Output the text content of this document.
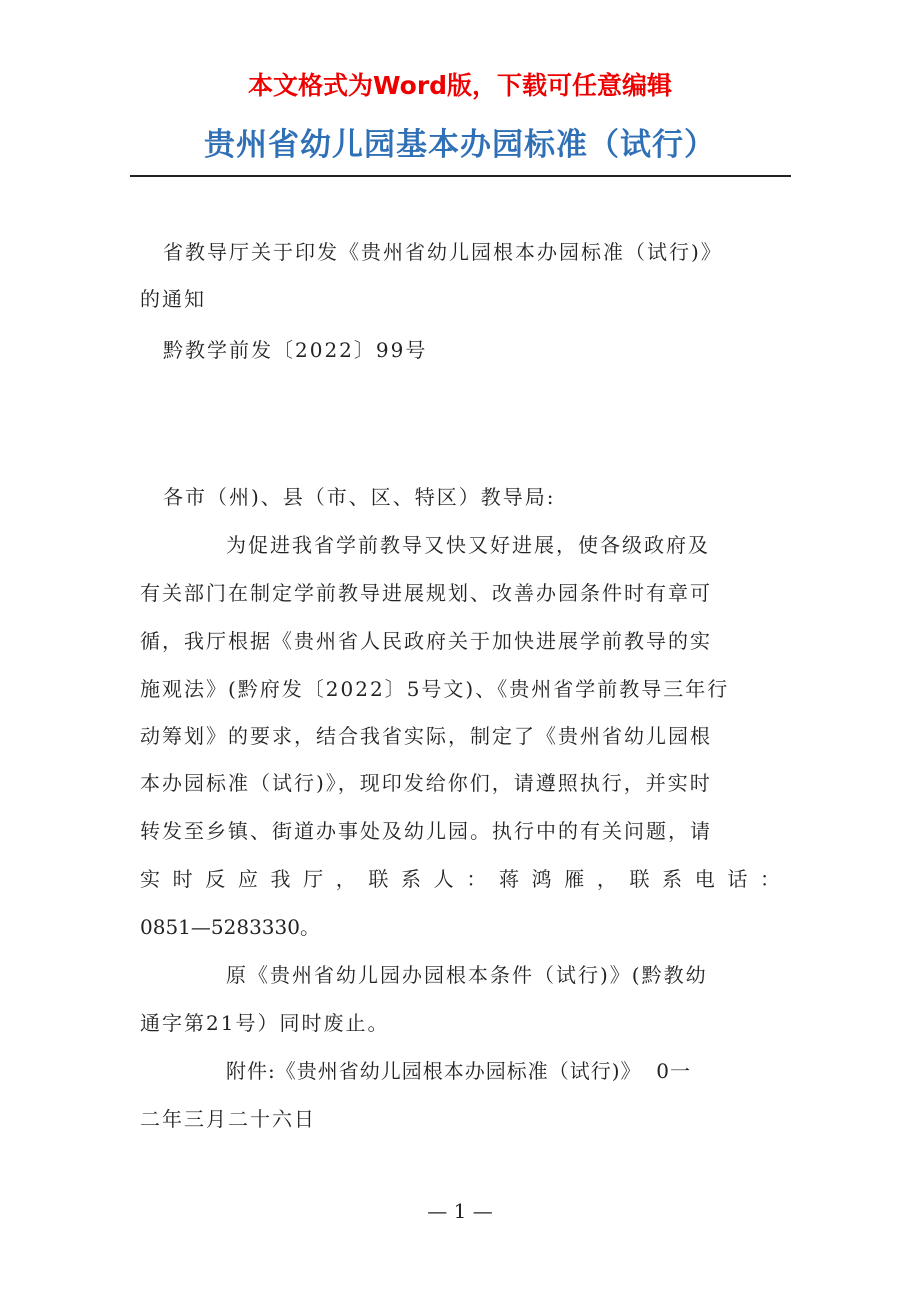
本文格式为Word版，下载可任意编辑
贵州省幼儿园基本办园标准（试行）
省教导厅关于印发《贵州省幼儿园根本办园标准（试行)》
的通知
黔教学前发〔2022〕99号
各市（州)、县（市、区、特区）教导局:
为促进我省学前教导又快又好进展，使各级政府及
有关部门在制定学前教导进展规划、改善办园条件时有章可
循，我厅根据《贵州省人民政府关于加快进展学前教导的实
施观法》(黔府发〔2022〕5号文)、《贵州省学前教导三年行
动筹划》的要求，结合我省实际，制定了《贵州省幼儿园根
本办园标准（试行)》，现印发给你们，请遵照执行，并实时
转发至乡镇、街道办事处及幼儿园。执行中的有关问题，请
实时反应我厅，联系人：蒋鸿雁，联系电话：
0851—5283330。
原《贵州省幼儿园办园根本条件（试行)》(黔教幼
通字第21号）同时废止。
附件:《贵州省幼儿园根本办园标准（试行)》  0一
二年三月二十六日
— 1 —
